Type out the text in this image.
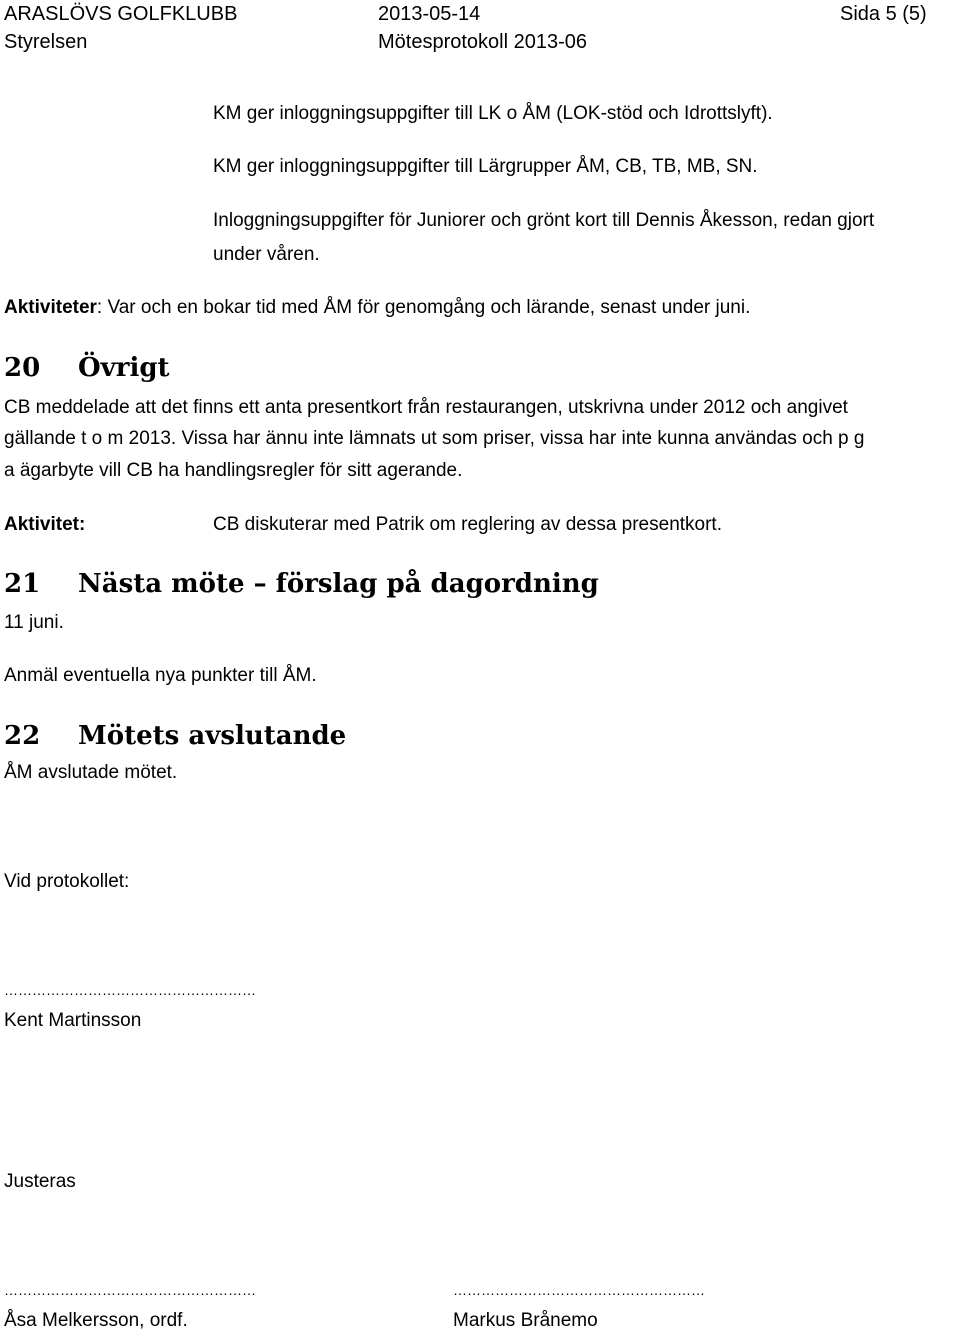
ARASLÖVS GOLFKLUBB	2013-05-14	Sida 5 (5)
Styrelsen	Mötesprotokoll 2013-06
KM ger inloggningsuppgifter till LK o ÅM (LOK-stöd och Idrottslyft).
KM ger inloggningsuppgifter till Lärgrupper ÅM, CB, TB, MB, SN.
Inloggningsuppgifter för Juniorer och grönt kort till Dennis Åkesson, redan gjort
under våren.
Aktiviteter: Var och en bokar tid med ÅM för genomgång och lärande, senast under juni.
20 Övrigt
CB meddelade att det finns ett anta presentkort från restaurangen, utskrivna under 2012 och angivet
gällande t o m 2013. Vissa har ännu inte lämnats ut som priser, vissa har inte kunna användas och p g
a ägarbyte vill CB ha handlingsregler för sitt agerande.
Aktivitet:	CB diskuterar med Patrik om reglering av dessa presentkort.
21 Nästa möte – förslag på dagordning
11 juni.
Anmäl eventuella nya punkter till ÅM.
22 Mötets avslutande
ÅM avslutade mötet.
Vid protokollet:
………………………………………………
Kent Martinsson
Justeras
………………………………………………	………………………………………………
Åsa Melkersson, ordf.	Markus Brånemo
